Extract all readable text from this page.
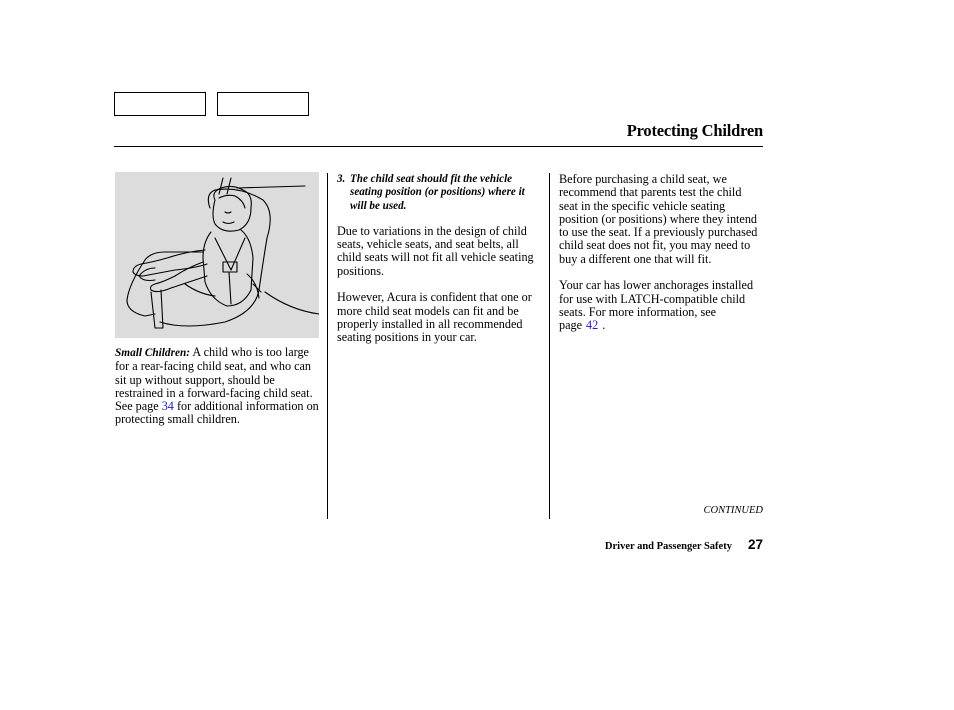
Protecting Children

Small Children: A child who is too large for a rear-facing child seat, and who can sit up without support, should be restrained in a forward-facing child seat. See page 34 for additional information on protecting small children.

3. The child seat should fit the vehicle seating position (or positions) where it will be used.

Due to variations in the design of child seats, vehicle seats, and seat belts, all child seats will not fit all vehicle seating positions.

However, Acura is confident that one or more child seat models can fit and be properly installed in all recommended seating positions in your car.

Before purchasing a child seat, we recommend that parents test the child seat in the specific vehicle seating position (or positions) where they intend to use the seat. If a previously purchased child seat does not fit, you may need to buy a different one that will fit.

Your car has lower anchorages installed for use with LATCH-compatible child seats. For more information, see page 42 .

CONTINUED
Driver and Passenger Safety 27
